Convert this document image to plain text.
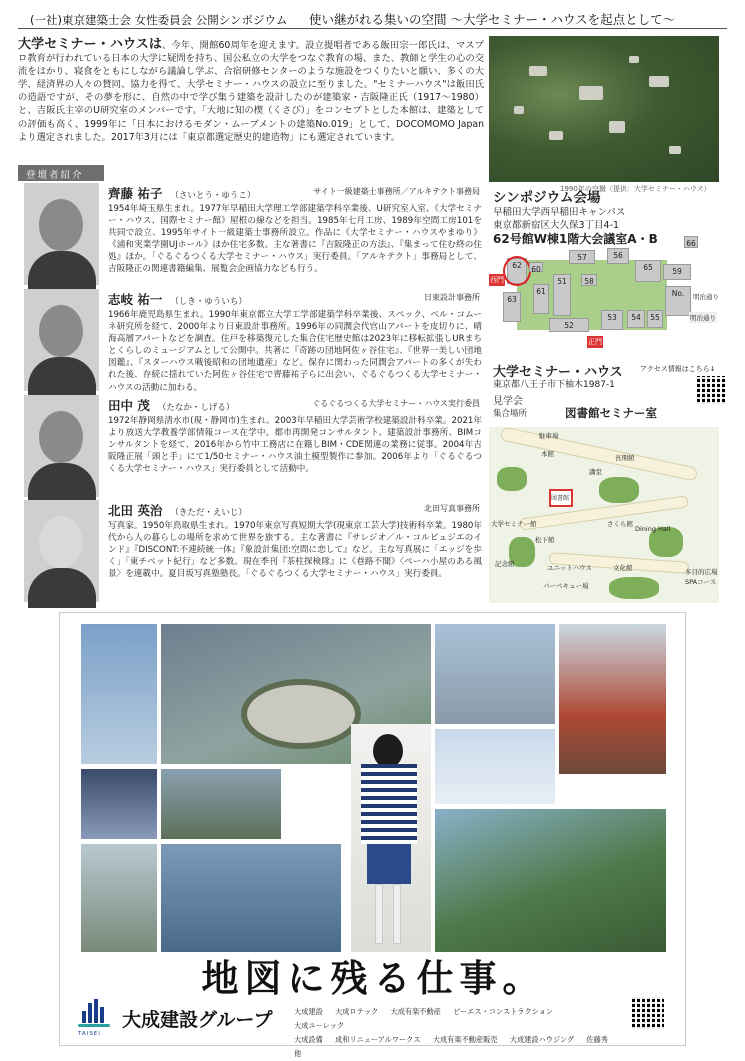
(一社)東京建築士会 女性委員会 公開シンポジウム 使い継がれる集いの空間 ～大学セミナー・ハウスを起点として～
大学セミナー・ハウスは、今年、開館60周年を迎えます。設立提唱者である飯田宗一郎氏は、マスプロ教育が行われている日本の大学に疑問を持ち、国公私立の大学をつなぐ教育の場、また、教師と学生の心の交流をはかり、寝食をともにしながら議論し学ぶ、合宿研修センターのような施設をつくりたいと願い、多くの大学、経済界の人々の賛同、協力を得て、大学セミナー・ハウスの設立に至りました。"セミナーハウス"は飯田氏の造語ですが、その夢を形に、自然の中で学び集う建築を設計したのが建築家・吉阪隆正氏（1917～1980）と、吉阪氏主宰のU研究室のメンバーです。「大地に知の楔（くさび）」をコンセプトとした本館は、建築としての評価も高く、1999年に「日本におけるモダン・ムーブメントの建築No.019」として、DOCOMOMO Japanより選定されました。2017年3月には「東京都選定歴史的建造物」にも選定されています。
1990年の空撮（提供：大学セミナー・ハウス）
登壇者紹介
齊藤 祐子 （さいとう・ゆうこ）	サイト一級建築士事務所／アルキテクト事務局
1954年埼玉県生まれ。1977年早稲田大学理工学部建築学科卒業後、U研究室入室、《大学セミナー・ハウス、国際セミナー館》屋根の線などを担当。1985年七月工房、1989年空間工房101を共同で設立、1995年サイト一級建築士事務所設立。作品に《大学セミナー・ハウスやまゆり》《浦和実業学園UJホール》ほか住宅多数。主な著書に『吉阪隆正の方法』、『集まって住む終の住処』ほか。「ぐるぐるつくる大学セミナー・ハウス」実行委員。「アルキテクト」事務局として、吉阪隆正の関連書籍編集、展覧会企画協力なども行う。
志岐 祐一 （しき・ゆういち）	日東設計事務所
1966年鹿児島県生まれ。1990年東京都立大学工学部建築学科卒業後、スペック、ベル・コムーネ研究所を経て、2000年より日東設計事務所。1996年の同潤会代官山アパートを皮切りに、晴海高層アパートなどを調査。住戸を移築復元した集合住宅歴史館は2023年に移転拡張しURまちとくらしのミュージアムとして公開中。共著に『奇跡の団地阿佐ヶ谷住宅』、『世界一美しい団地図鑑』、『スターハウス戦後昭和の団地遺産』など。保存に関わった同潤会アパートの多くが失われた後、存続に揺れていた阿佐ヶ谷住宅で齊藤祐子らに出会い、ぐるぐるつくる大学セミナー・ハウスの活動に加わる。
田中 茂 （たなか・しげる）	ぐるぐるつくる大学セミナー・ハウス実行委員
1972年静岡県清水市(現・静岡市)生まれ。2003年早稲田大学芸術学校建築設計科卒業。2021年より放送大学教養学部情報コース在学中。都市再開発コンサルタント、建築設計事務所、BIMコンサルタントを経て、2016年から竹中工務店に在籍しBIM・CDE関連の業務に従事。2004年吉阪隆正展「頭と手」にて1/50セミナー・ハウス油土模型製作に参加。2006年より「ぐるぐるつくる大学セミナー・ハウス」実行委員として活動中。
北田 英治 （きただ・えいじ）	北田写真事務所
写真家。1950年鳥取県生まれ。1970年東京写真短期大学(現東京工芸大学)技術科卒業。1980年代から人の暮らしの場所を求めて世界を旅する。主な著書に『サレジオ／ル・コルビュジエのインド』『DISCONT:不連続統一体』『象設計集団:空間に恋して』など。主な写真展に「エッジを歩く」「東チベット紀行」など多数。現在季刊『茶柱探検隊』に《巷路不聞》〈ペーハ小屋のある風景〉を連載中。夏目坂写真塾塾長。「ぐるぐるつくる大学セミナー・ハウス」実行委員。
シンポジウム会場
早稲田大学西早稲田キャンパス
東京都新宿区大久保3丁目4-1
62号館W棟1階大会議室A・B	66
62
63
60
61
51	58
57	56
65	59
52
53	54	55
No.
西門
正門
明治通り
明治通り
大学セミナー・ハウス
東京都八王子市下柚木1987-1
アクセス情報はこちら↓
見学会
集合場所	図書館セミナー室
駐車場
本館	長期館
講堂
図書館
さくら館
松下館
ユニットハウス	文化館
記念館
大学セミナー館
バーベキュー場
Dining Hall
多目的広場
SPAコース
地図に残る仕事。
TAISEI
大成建設グループ	大成建設 大成ロテック 大成有楽不動産 ビーエス・コンストラクション 大成ユーレック
大成設備 成和リニューアルワークス 大成有楽不動産販売 大成建設ハウジング 佐藤秀 他
